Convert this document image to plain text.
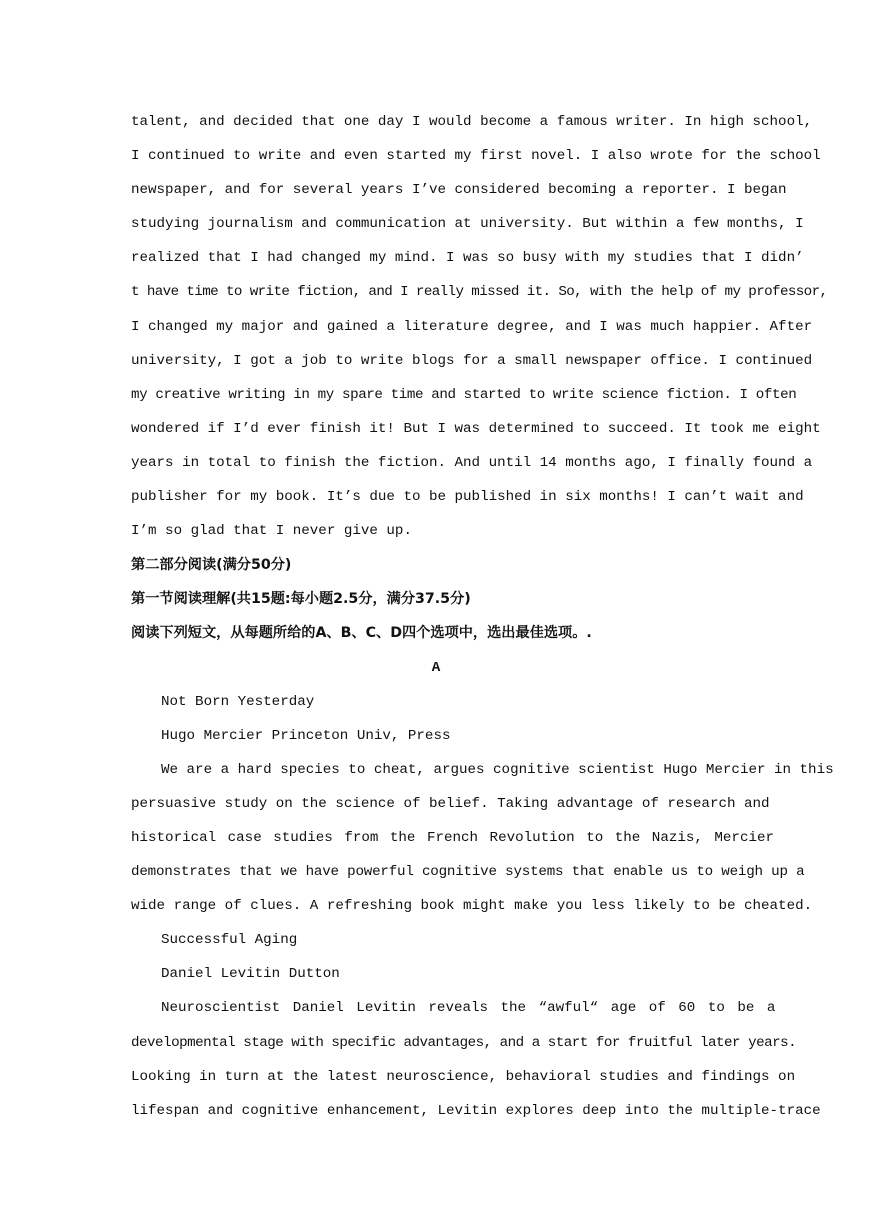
talent, and decided that one day I would become a famous writer. In high school,
I continued to write and even started my first novel. I also wrote for the school
newspaper, and for several years I’ve considered becoming a reporter. I began
studying journalism and communication at university. But within a few months, I
realized that I had changed my mind. I was so busy with my studies that I didn’
t have time to write fiction, and I really missed it. So, with the help of my professor,
I changed my major and gained a literature degree, and I was much happier. After
university, I got a job to write blogs for a small newspaper office. I continued
my creative writing in my spare time and started to write science fiction. I often
wondered if I’d ever finish it! But I was determined to succeed. It took me eight
years in total to finish the fiction. And until 14 months ago, I finally found a
publisher for my book. It’s due to be published in six months! I can’t wait and
I’m so glad that I never give up.
第二部分阅读(满分50分)
第一节阅读理解(共15题:每小题2.5分，满分37.5分)
阅读下列短文，从每题所给的A、B、C、D四个选项中，选出最佳选项。.
A
Not Born Yesterday
Hugo Mercier Princeton Univ, Press
We are a hard species to cheat, argues cognitive scientist Hugo Mercier in this
persuasive study on the science of belief. Taking advantage of research and
historical case studies from the French Revolution to the Nazis, Mercier
demonstrates that we have powerful cognitive systems that enable us to weigh up a
wide range of clues. A refreshing book might make you less likely to be cheated.
Successful Aging
Daniel Levitin Dutton
Neuroscientist Daniel Levitin reveals the “awful“ age of 60 to be a
developmental stage with specific advantages, and a start for fruitful later years.
Looking in turn at the latest neuroscience, behavioral studies and findings on
lifespan and cognitive enhancement, Levitin explores deep into the multiple-trace
